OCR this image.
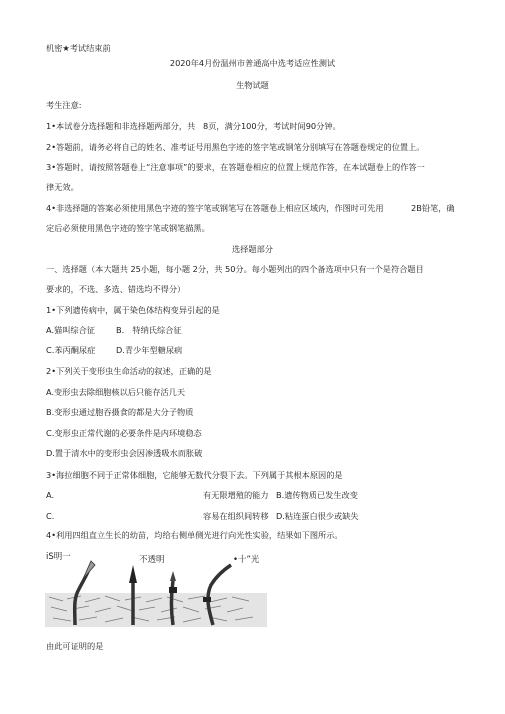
机密★考试结束前
2020年4月份温州市普通高中选考适应性测试
生物试题
考生注意:
1•本试卷分选择题和非选择题两部分，共 8页，满分100分，考试时间90分钟。
2•答题前，请务必将自己的姓名、准考证号用黑色字迹的签字笔或钢笔分别填写在答题卷规定的位置上。
3•答题时，请按照答题卷上“注意事项”的要求，在答题卷相应的位置上规范作答，在本试题卷上的作答一
律无效。
4•非选择题的答案必须使用黑色字迹的签字笔或钢笔写在答题卷上相应区域内，作图时可先用	2B铅笔，确
定后必须使用黑色字迹的签字笔或钢笔描黑。
选择题部分
一、选择题（本大题共 25小题，每小题 2分，共 50分。每小题列出的四个备选项中只有一个是符合题目
要求的，不选、多选、错选均不得分）
1•下列遗传病中，属于染色体结构变异引起的是
A.猫叫综合征	B.　特纳氏综合征
C.苯丙酮尿症	D.青少年型糖尿病
2•下列关于变形虫生命活动的叙述，正确的是
A.变形虫去除细胞核以后只能存活几天
B.变形虫通过胞吞摄食的都是大分子物质
C.变形虫正常代谢的必要条件是内环境稳态
D.置于清水中的变形虫会因渗透吸水而胀破
3•海拉细胞不同于正常体细胞，它能够无数代分裂下去。下列属于其根本原因的是
A.	有无限增殖的能力 B.遗传物质已发生改变
C.	容易在组织间转移 D.粘连蛋白很少或缺失
4•利用四组直立生长的幼苗，均给右侧单侧光进行向光性实验，结果如下图所示。
iS明一	不透明	•十”光
由此可证明的是
